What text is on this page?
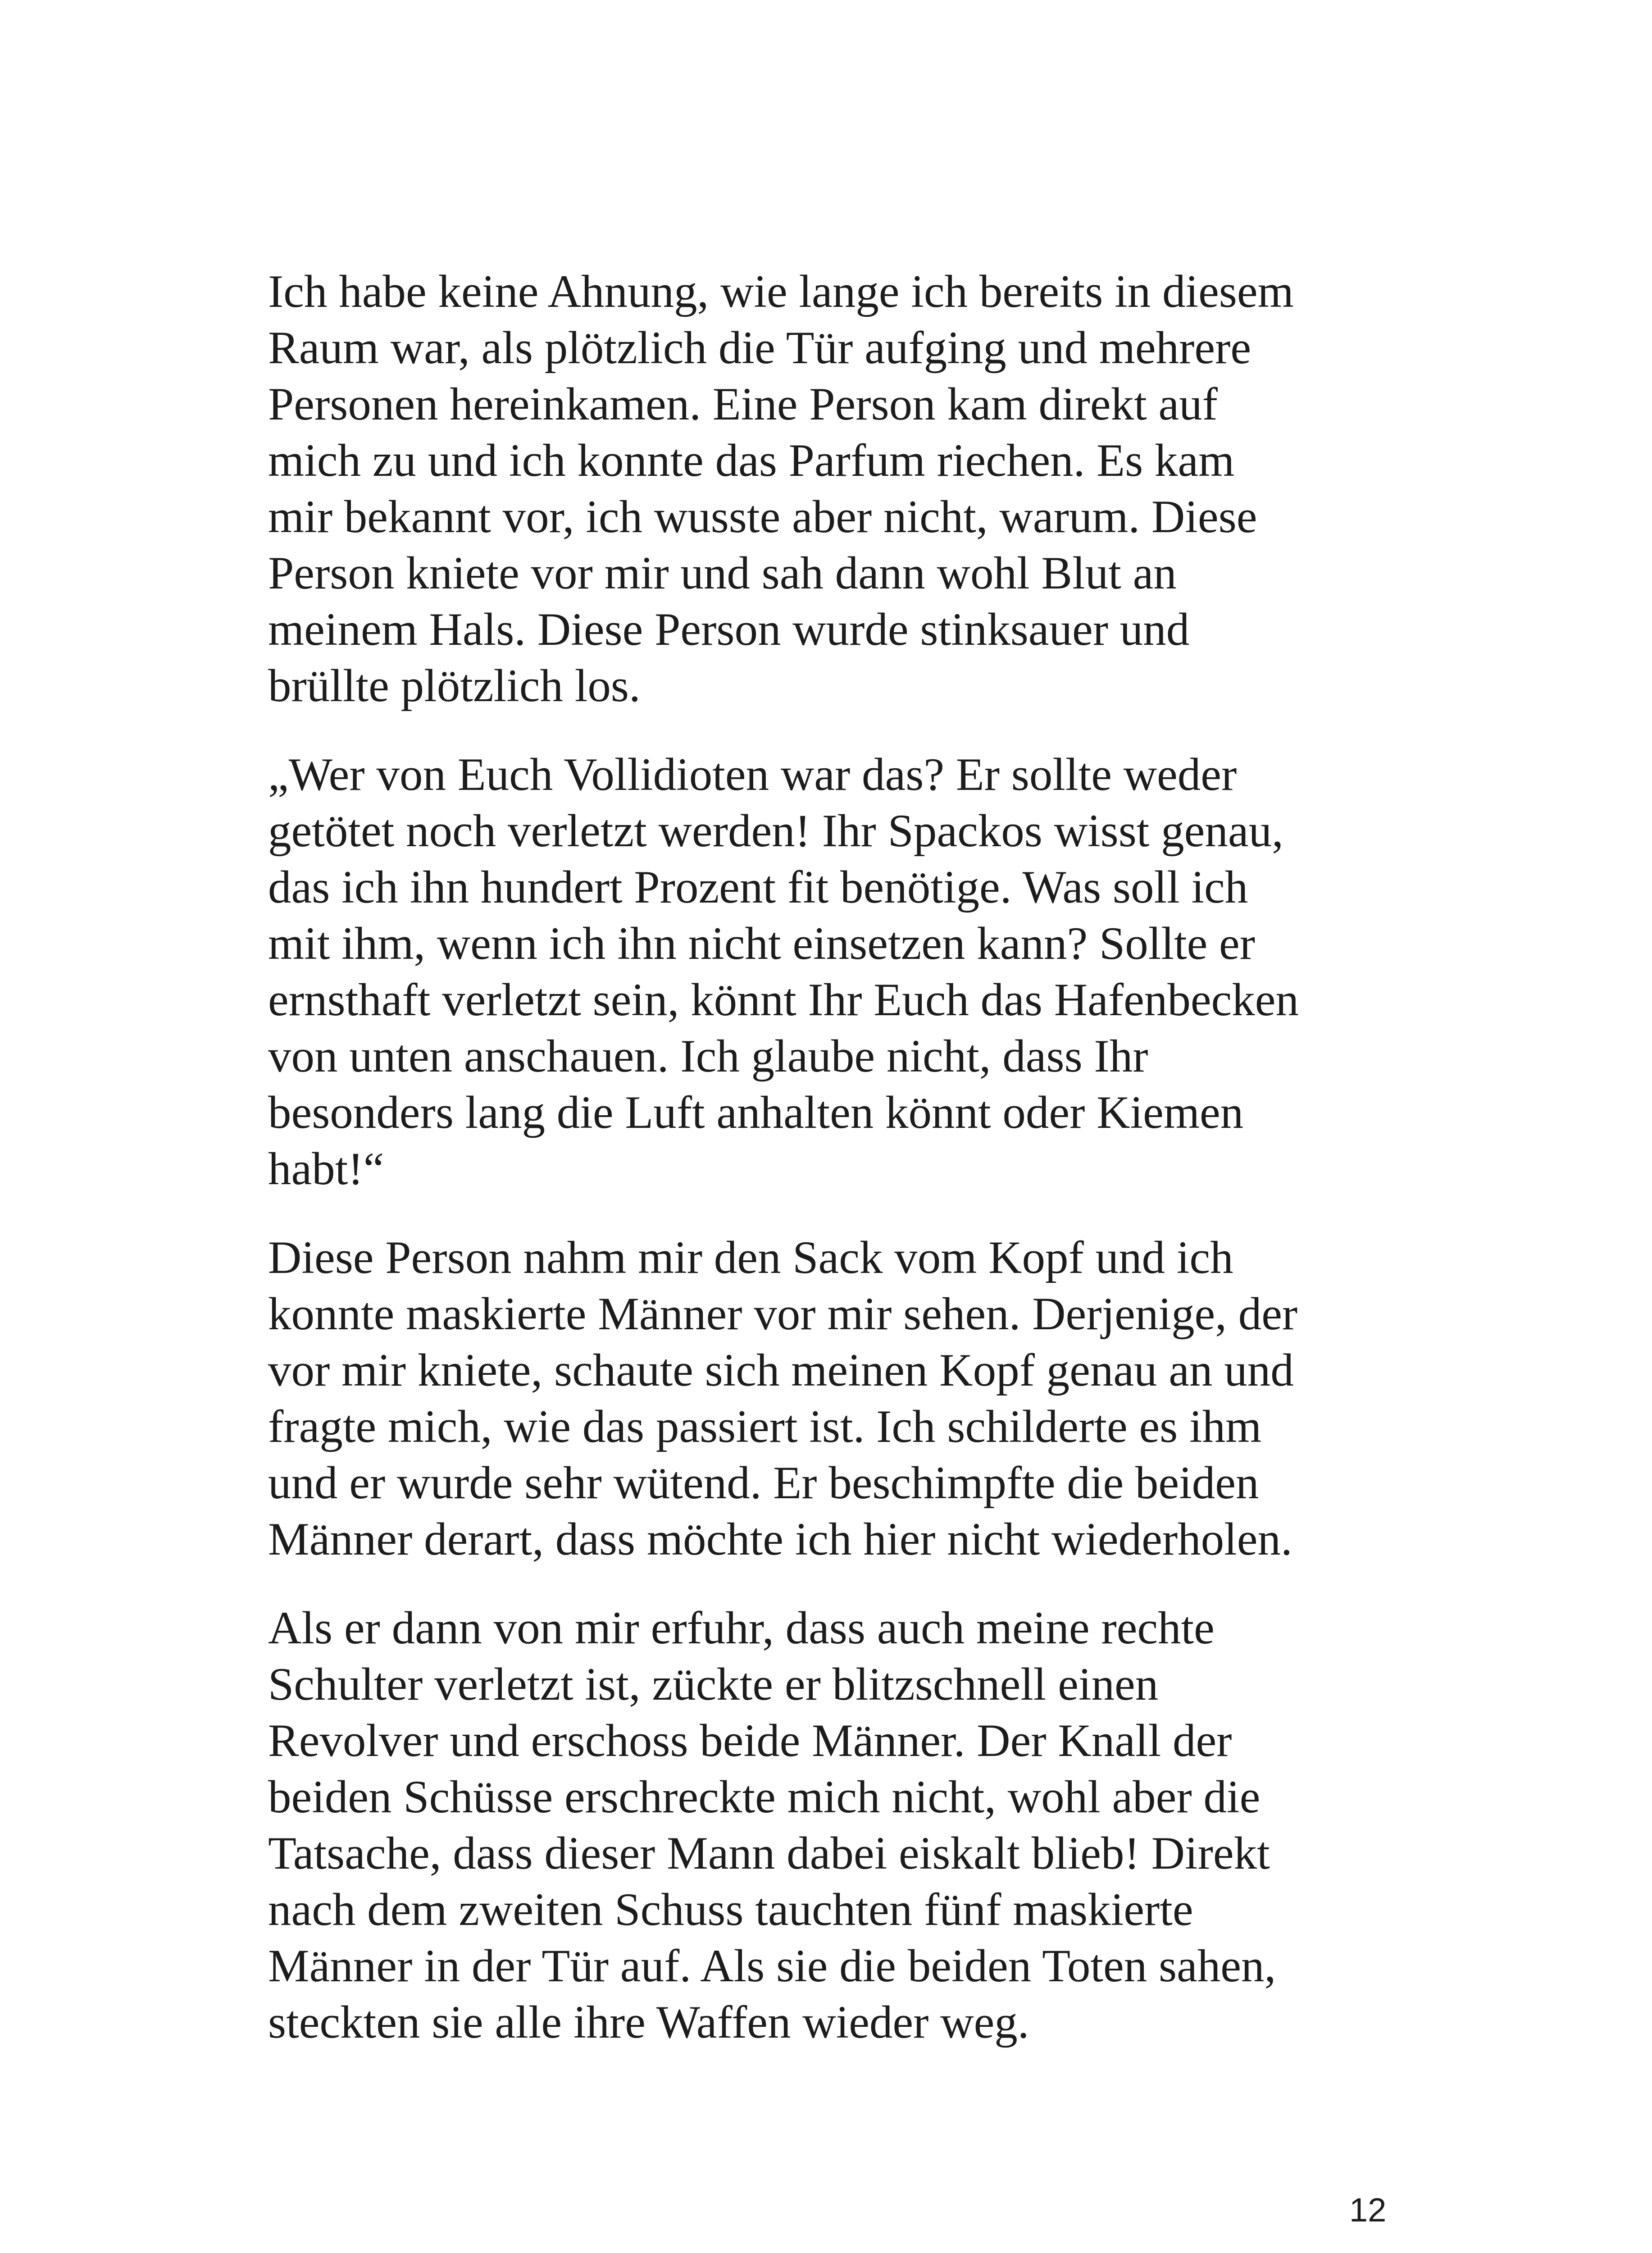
Ich habe keine Ahnung, wie lange ich bereits in diesem
Raum war, als plötzlich die Tür aufging und mehrere
Personen hereinkamen. Eine Person kam direkt auf
mich zu und ich konnte das Parfum riechen. Es kam
mir bekannt vor, ich wusste aber nicht, warum. Diese
Person kniete vor mir und sah dann wohl Blut an
meinem Hals. Diese Person wurde stinksauer und
brüllte plötzlich los.

„Wer von Euch Vollidioten war das? Er sollte weder
getötet noch verletzt werden! Ihr Spackos wisst genau,
das ich ihn hundert Prozent fit benötige. Was soll ich
mit ihm, wenn ich ihn nicht einsetzen kann? Sollte er
ernsthaft verletzt sein, könnt Ihr Euch das Hafenbecken
von unten anschauen. Ich glaube nicht, dass Ihr
besonders lang die Luft anhalten könnt oder Kiemen
habt!“

Diese Person nahm mir den Sack vom Kopf und ich
konnte maskierte Männer vor mir sehen. Derjenige, der
vor mir kniete, schaute sich meinen Kopf genau an und
fragte mich, wie das passiert ist. Ich schilderte es ihm
und er wurde sehr wütend. Er beschimpfte die beiden
Männer derart, dass möchte ich hier nicht wiederholen.

Als er dann von mir erfuhr, dass auch meine rechte
Schulter verletzt ist, zückte er blitzschnell einen
Revolver und erschoss beide Männer. Der Knall der
beiden Schüsse erschreckte mich nicht, wohl aber die
Tatsache, dass dieser Mann dabei eiskalt blieb! Direkt
nach dem zweiten Schuss tauchten fünf maskierte
Männer in der Tür auf. Als sie die beiden Toten sahen,
steckten sie alle ihre Waffen wieder weg.

12
